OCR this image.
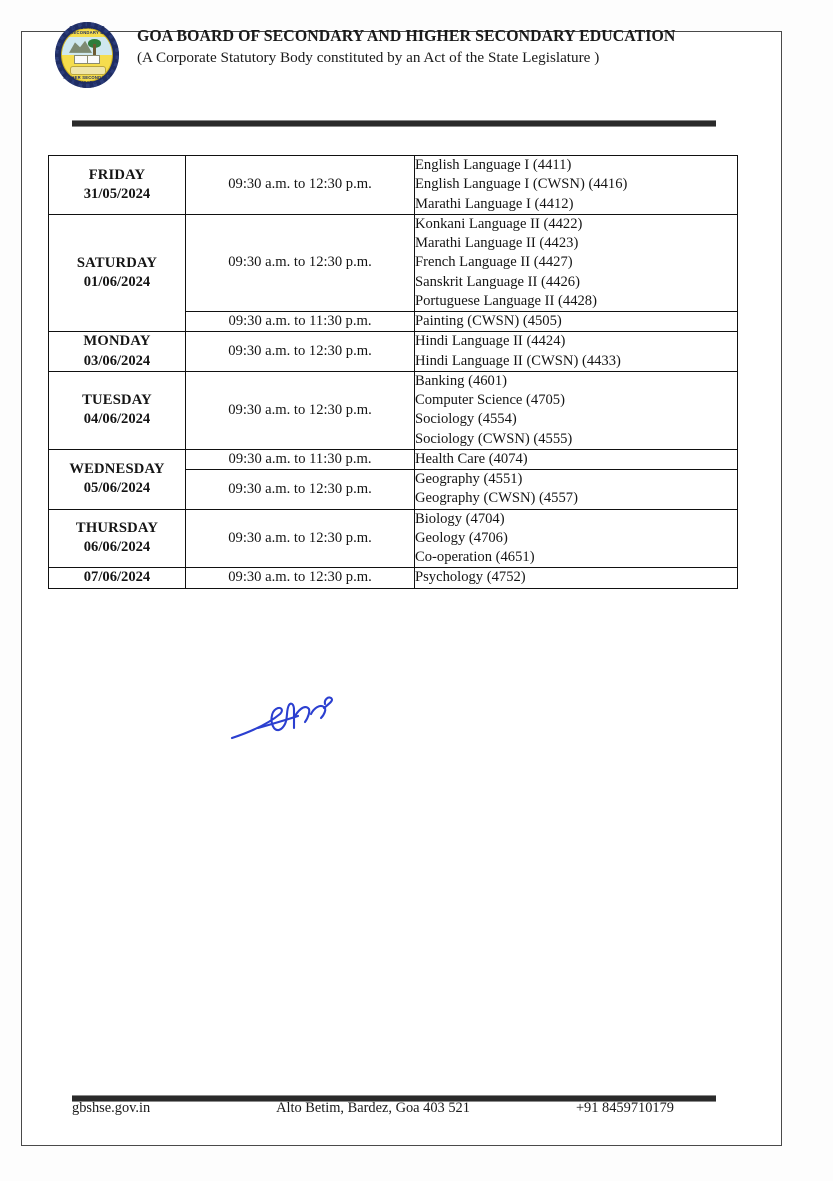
GOA BOARD OF SECONDARY &
HIGHER SECONDARY EDUCATION
GOA BOARD OF SECONDARY AND HIGHER SECONDARY EDUCATION
(A Corporate Statutory Body constituted by an Act of the State Legislature )
FRIDAY
31/05/2024	09:30 a.m. to 12:30 p.m.	English Language I (4411)
English Language I (CWSN) (4416)
Marathi Language I (4412)

SATURDAY
01/06/2024	09:30 a.m. to 12:30 p.m.	Konkani Language II (4422)
Marathi Language II (4423)
French Language II (4427)
Sanskrit Language II (4426)
Portuguese Language II (4428)

	09:30 a.m. to 11:30 p.m.	Painting (CWSN) (4505)

MONDAY
03/06/2024	09:30 a.m. to 12:30 p.m.	Hindi Language II (4424)
Hindi Language II (CWSN) (4433)

TUESDAY
04/06/2024	09:30 a.m. to 12:30 p.m.	Banking (4601)
Computer Science (4705)
Sociology (4554)
Sociology (CWSN) (4555)

WEDNESDAY
05/06/2024	09:30 a.m. to 11:30 p.m.	Health Care (4074)

	09:30 a.m. to 12:30 p.m.	Geography (4551)
Geography (CWSN) (4557)

THURSDAY
06/06/2024	09:30 a.m. to 12:30 p.m.	Biology (4704)
Geology (4706)
Co-operation (4651)

07/06/2024	09:30 a.m. to 12:30 p.m.	Psychology (4752)
gbshse.gov.in	Alto Betim, Bardez, Goa 403 521	+91 8459710179
